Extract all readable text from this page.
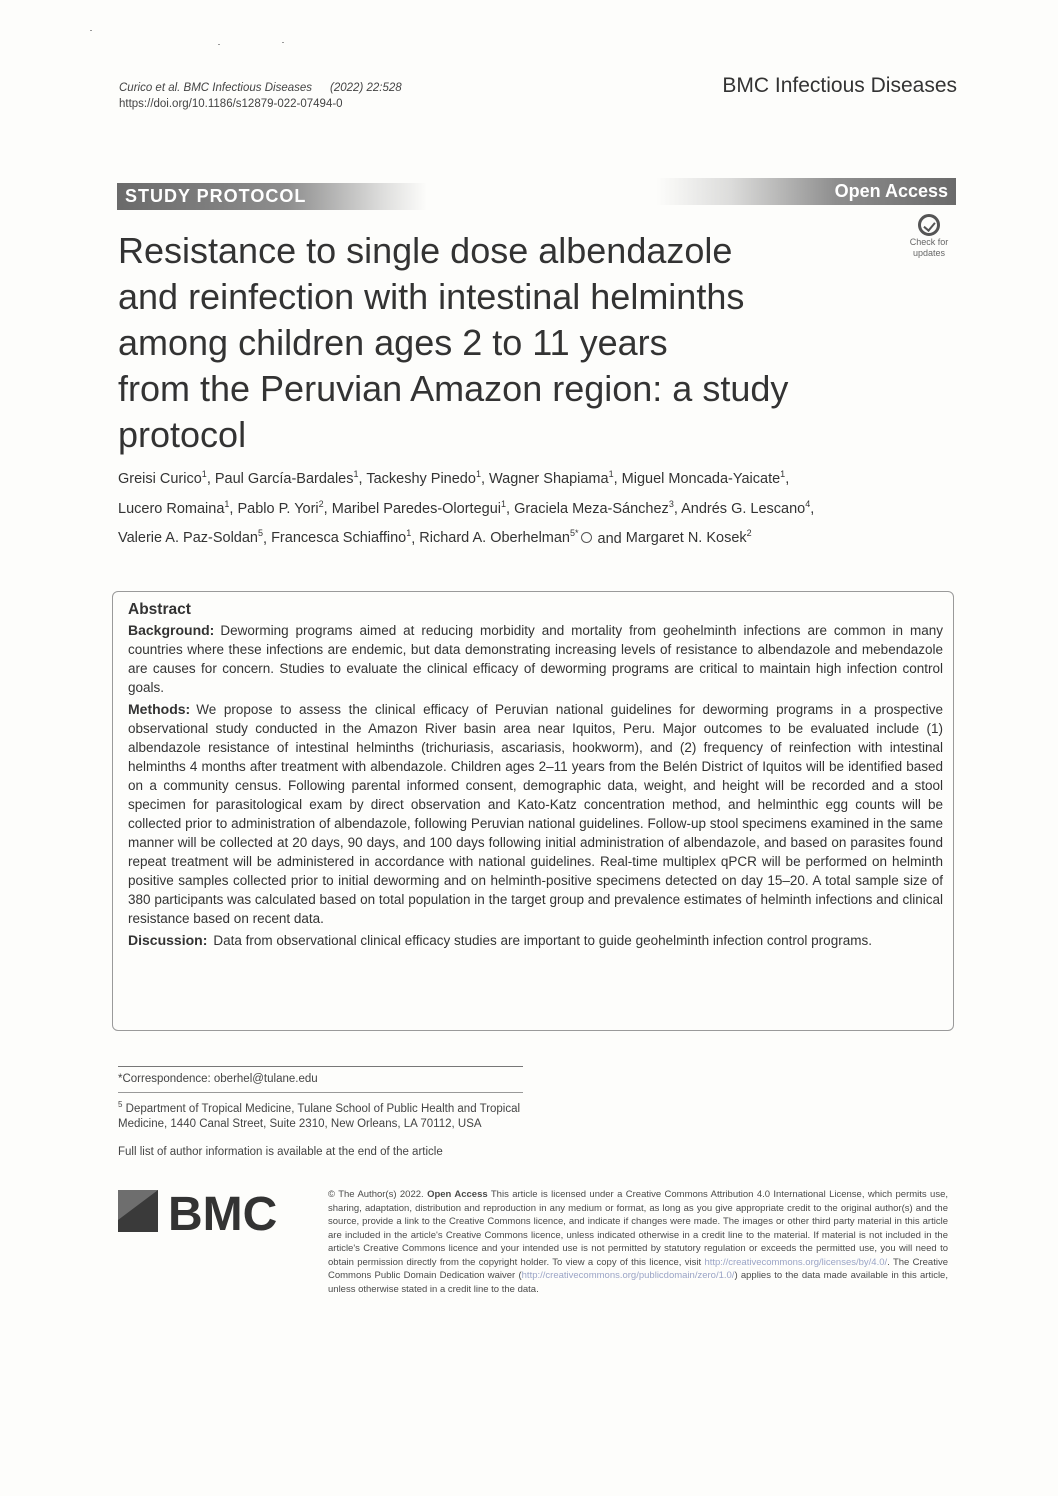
Curico et al. BMC Infectious Diseases (2022) 22:528
https://doi.org/10.1186/s12879-022-07494-0
BMC Infectious Diseases
STUDY PROTOCOL	Open Access
Check for
updates
Resistance to single dose albendazole
and reinfection with intestinal helminths
among children ages 2 to 11 years
from the Peruvian Amazon region: a study
protocol
Greisi Curico$^1$, Paul García-Bardales$^1$, Tackeshy Pinedo$^1$, Wagner Shapiama$^1$, Miguel Moncada-Yaicate$^1$,
Lucero Romaina$^1$, Pablo P. Yori$^2$, Maribel Paredes-Olortegui$^1$, Graciela Meza-Sánchez$^3$, Andrés G. Lescano$^4$,
Valerie A. Paz-Soldan$^5$, Francesca Schiaffino$^1$, Richard A. Oberhelman$^{5*}$ and Margaret N. Kosek$^2$
Abstract

Background: Deworming programs aimed at reducing morbidity and mortality from geohelminth infections are common in many countries where these infections are endemic, but data demonstrating increasing levels of resistance to albendazole and mebendazole are causes for concern. Studies to evaluate the clinical efficacy of deworming programs are critical to maintain high infection control goals.

Methods: We propose to assess the clinical efficacy of Peruvian national guidelines for deworming programs in a prospective observational study conducted in the Amazon River basin area near Iquitos, Peru. Major outcomes to be evaluated include (1) albendazole resistance of intestinal helminths (trichuriasis, ascariasis, hookworm), and (2) frequency of reinfection with intestinal helminths 4 months after treatment with albendazole. Children ages 2–11 years from the Belén District of Iquitos will be identified based on a community census. Following parental informed consent, demographic data, weight, and height will be recorded and a stool specimen for parasitological exam by direct observation and Kato-Katz concentration method, and helminthic egg counts will be collected prior to administration of albendazole, following Peruvian national guidelines. Follow-up stool specimens examined in the same manner will be collected at 20 days, 90 days, and 100 days following initial administration of albendazole, and based on parasites found repeat treatment will be administered in accordance with national guidelines. Real-time multiplex qPCR will be performed on helminth positive samples collected prior to initial deworming and on helminth-positive specimens detected on day 15–20. A total sample size of 380 participants was calculated based on total population in the target group and prevalence estimates of helminth infections and clinical resistance based on recent data.

Discussion: Data from observational clinical efficacy studies are important to guide geohelminth infection control programs.

*Correspondence: oberhel@tulane.edu
$^5$ Department of Tropical Medicine, Tulane School of Public Health and Tropical Medicine, 1440 Canal Street, Suite 2310, New Orleans, LA 70112, USA
Full list of author information is available at the end of the article
BMC	© The Author(s) 2022. Open Access This article is licensed under a Creative Commons Attribution 4.0 International License, which permits use, sharing, adaptation, distribution and reproduction in any medium or format, as long as you give appropriate credit to the original author(s) and the source, provide a link to the Creative Commons licence, and indicate if changes were made. The images or other third party material in this article are included in the article's Creative Commons licence, unless indicated otherwise in a credit line to the material. If material is not included in the article's Creative Commons licence and your intended use is not permitted by statutory regulation or exceeds the permitted use, you will need to obtain permission directly from the copyright holder. To view a copy of this licence, visit http://creativecommons.org/licenses/by/4.0/. The Creative Commons Public Domain Dedication waiver (http://creativecommons.org/publicdomain/zero/1.0/) applies to the data made available in this article, unless otherwise stated in a credit line to the data.
